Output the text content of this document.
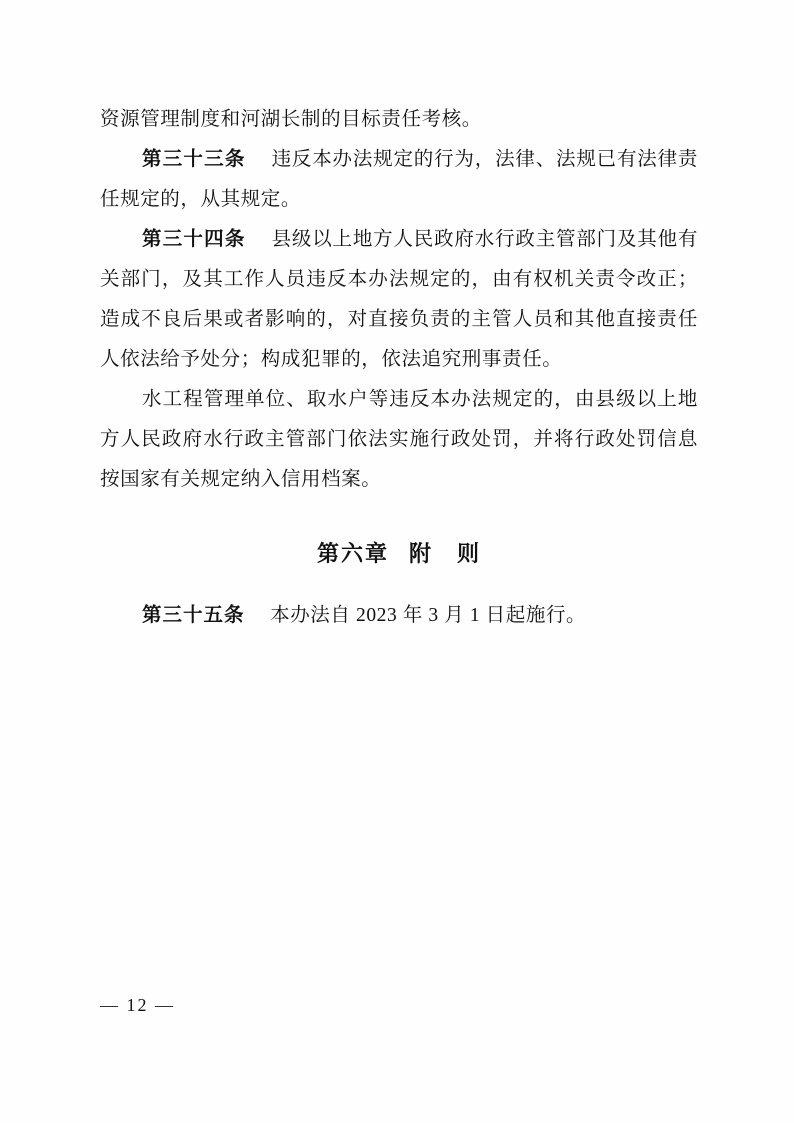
资源管理制度和河湖长制的目标责任考核。

第三十三条 　 违反本办法规定的行为，法律、法规已有法律责任规定的，从其规定。

第三十四条 　 县级以上地方人民政府水行政主管部门及其他有关部门，及其工作人员违反本办法规定的，由有权机关责令改正；造成不良后果或者影响的，对直接负责的主管人员和其他直接责任人依法给予处分；构成犯罪的，依法追究刑事责任。

水工程管理单位、取水户等违反本办法规定的，由县级以上地方人民政府水行政主管部门依法实施行政处罚，并将行政处罚信息按国家有关规定纳入信用档案。

第六章 附　则

第三十五条 　 本办法自 2023 年 3 月 1 日起施行。

— 12 —
